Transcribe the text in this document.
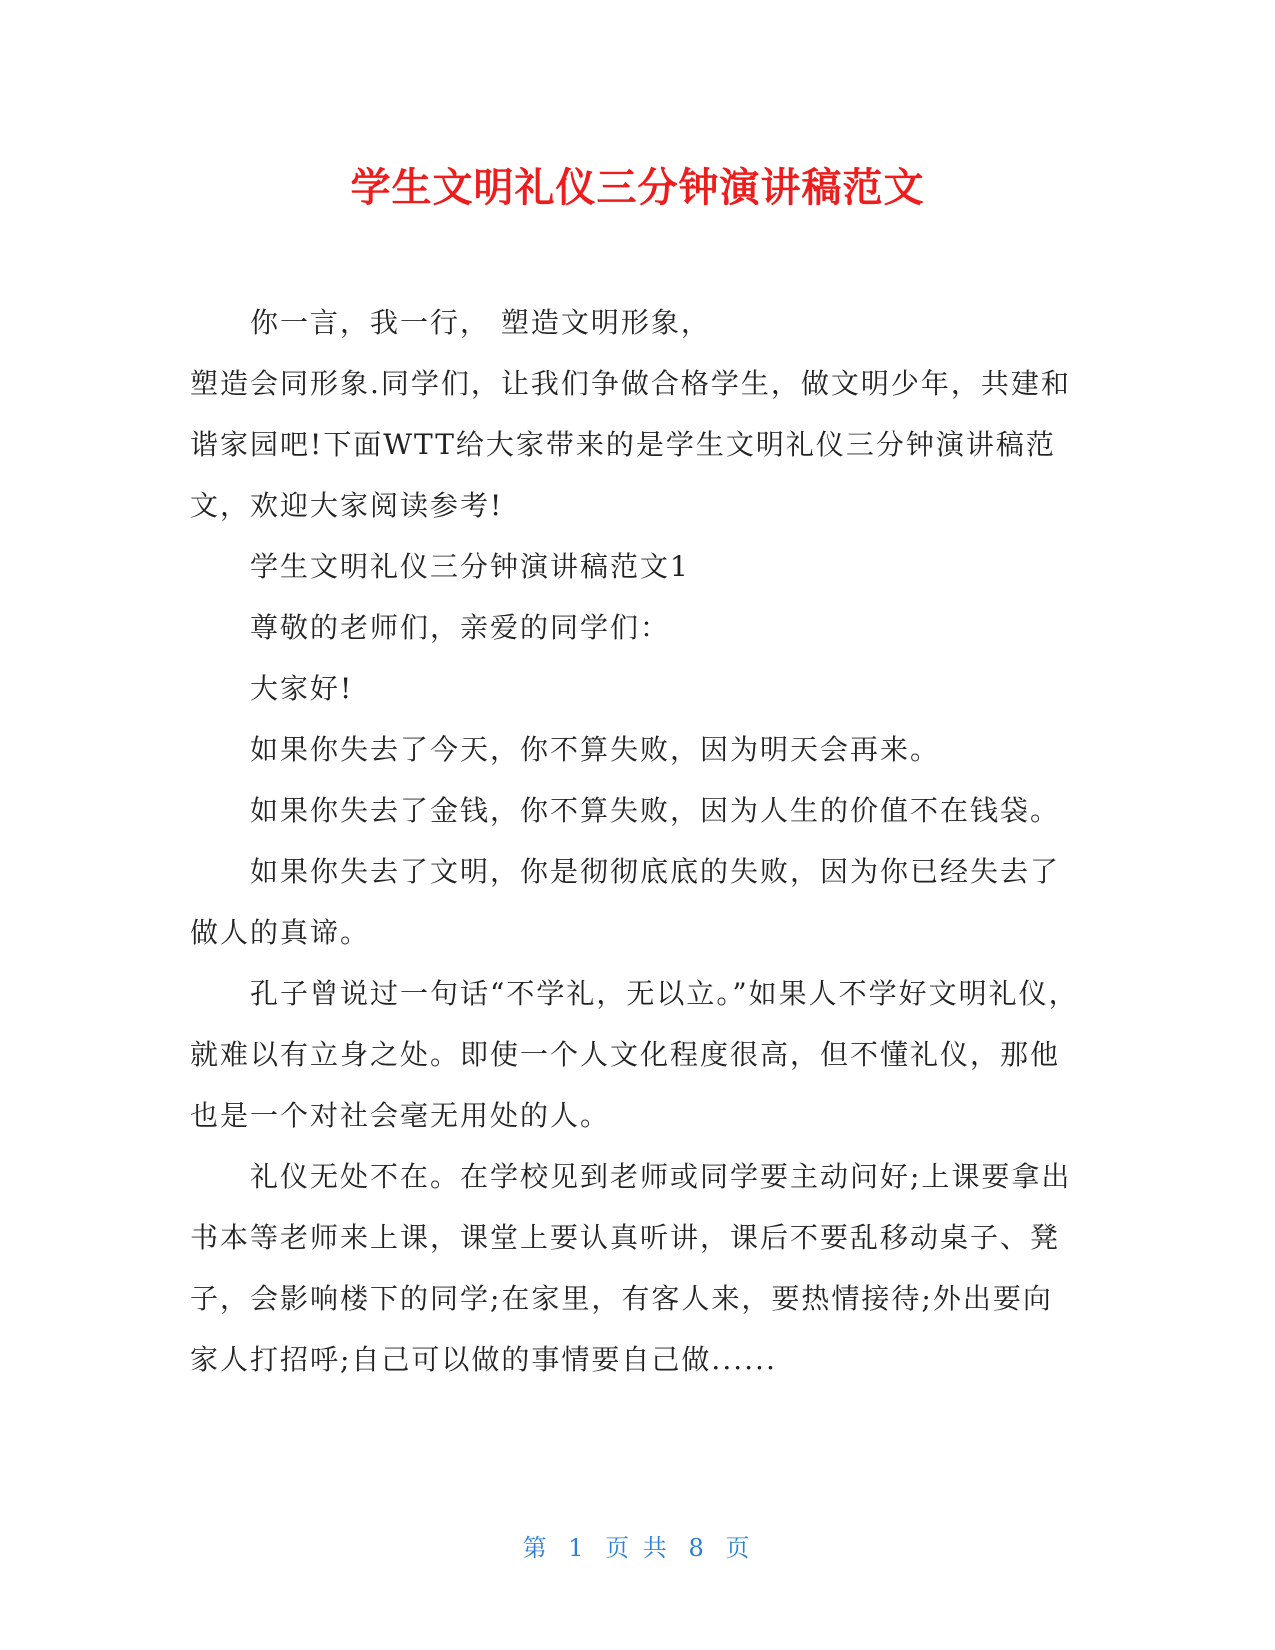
学生文明礼仪三分钟演讲稿范文

你一言，我一行， 塑造文明形象，

塑造会同形象.同学们，让我们争做合格学生，做文明少年，共建和谐家园吧!下面WTT给大家带来的是学生文明礼仪三分钟演讲稿范文，欢迎大家阅读参考!

学生文明礼仪三分钟演讲稿范文1

尊敬的老师们，亲爱的同学们：

大家好!

如果你失去了今天，你不算失败，因为明天会再来。

如果你失去了金钱，你不算失败，因为人生的价值不在钱袋。

如果你失去了文明，你是彻彻底底的失败，因为你已经失去了做人的真谛。

孔子曾说过一句话“不学礼，无以立。”如果人不学好文明礼仪，就难以有立身之处。即使一个人文化程度很高，但不懂礼仪，那他也是一个对社会毫无用处的人。

礼仪无处不在。在学校见到老师或同学要主动问好;上课要拿出书本等老师来上课，课堂上要认真听讲，课后不要乱移动桌子、凳子，会影响楼下的同学;在家里，有客人来，要热情接待;外出要向家人打招呼;自己可以做的事情要自己做......

第 1 页 共 8 页
